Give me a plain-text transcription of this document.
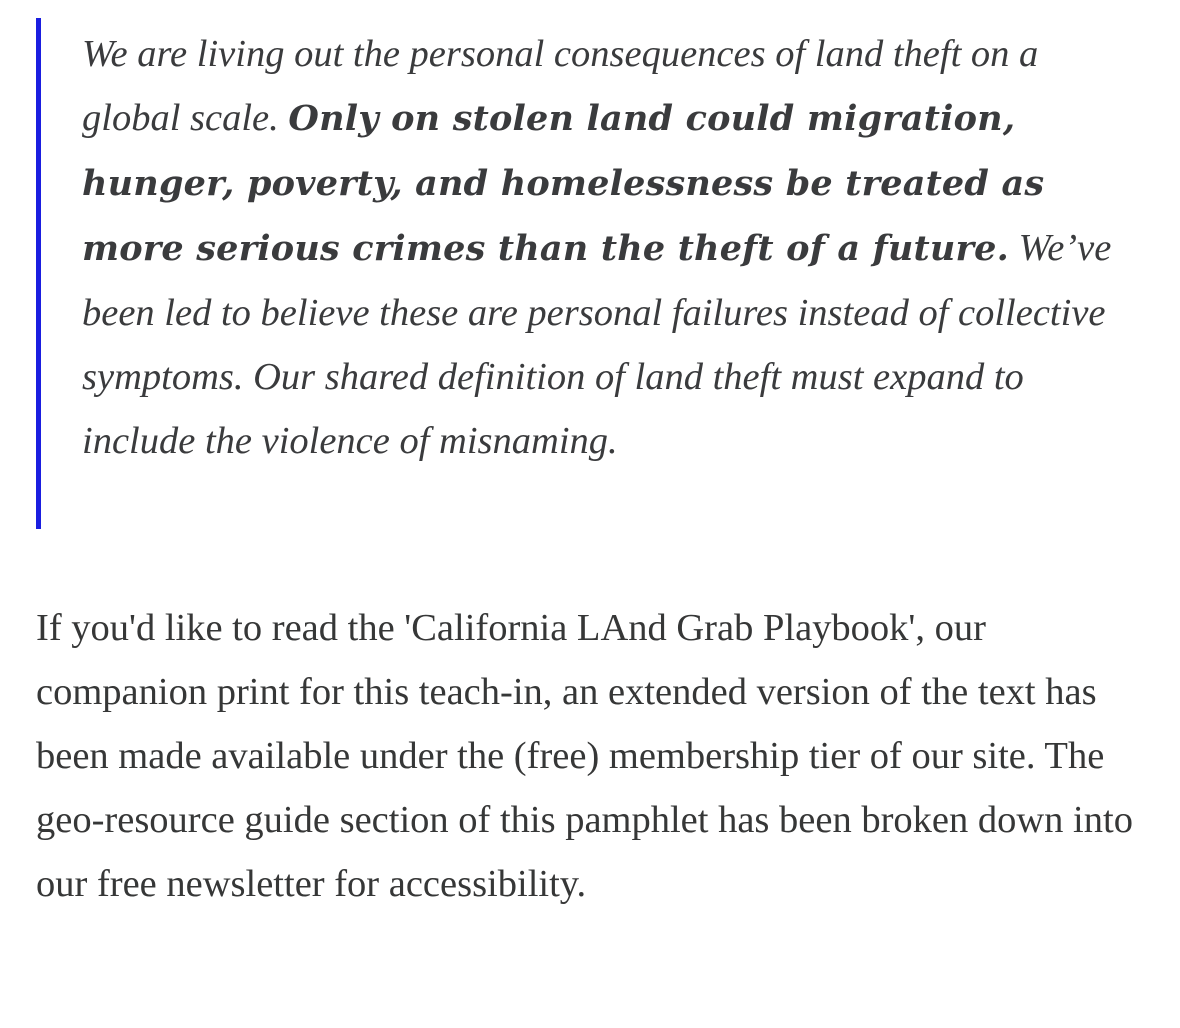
We are living out the personal consequences of land theft on a global scale. Only on stolen land could migration, hunger, poverty, and homelessness be treated as more serious crimes than the theft of a future. We’ve been led to believe these are personal failures instead of collective symptoms. Our shared definition of land theft must expand to include the violence of misnaming.

If you'd like to read the 'California LAnd Grab Playbook', our companion print for this teach-in, an extended version of the text has been made available under the (free) membership tier of our site. The geo-resource guide section of this pamphlet has been broken down into our free newsletter for accessibility.
